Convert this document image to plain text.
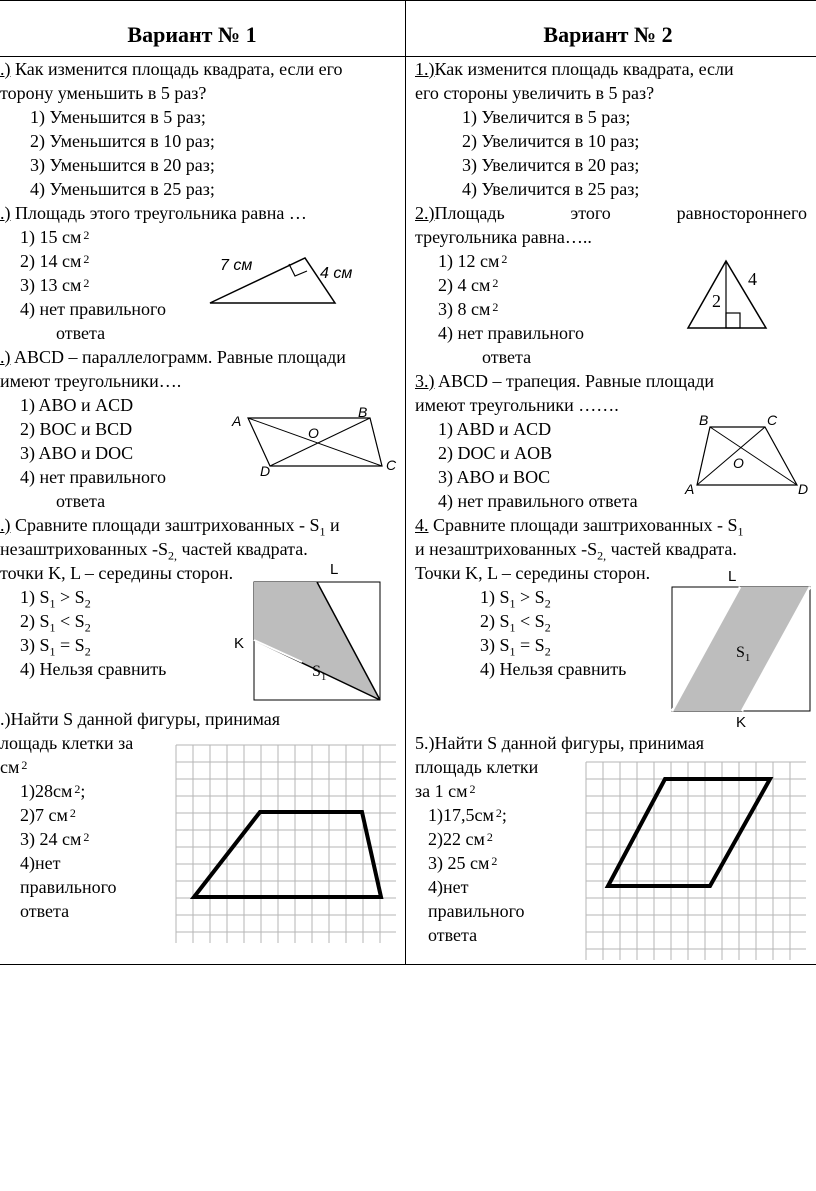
Вариант № 1	Вариант № 2
.) Как изменится площадь квадрата, если его
торону уменьшить в 5 раз?
1) Уменьшится в 5 раз;
2) Уменьшится в 10 раз;
3) Уменьшится в 20 раз;
4) Уменьшится в 25 раз;
.) Площадь этого треугольника равна …
1) 15 см $^2$
2) 14 см $^2$
3) 13 см $^2$
4) нет правильного
ответа
7 см	4 см
.) ABCD – параллелограмм. Равные площади
имеют треугольники….
1) ABO и ACD
2) BOC и BCD
3) ABO и DOC
4) нет правильного
ответа
A
B
C
D
O
.) Сравните площади заштрихованных - $S_1$ и
незаштрихованных $-S_{2,}$ частей квадрата.
точки K, L – середины сторон.
1) $S_1 > S_2$
2) $S_1 < S_2$
3) $S_1 = S_2$
4) Нельзя сравнить
K
L
$S_1$
.)Найти S данной фигуры, принимая
лощадь клетки за
см $^2$
1)28см $^2$;
2)7 см $^2$
3) 24 см $^2$
4)нет
правильного
ответа
1.)Как изменится площадь квадрата, если
его стороны увеличить в 5 раз?
1) Увеличится в 5 раз;
2) Увеличится в 10 раз;
3) Увеличится в 20 раз;
4) Увеличится в 25 раз;
2.)Площадь	этого	равностороннего
треугольника равна…..
1) 12 см $^2$
2) 4 см $^2$
3) 8 см $^2$
4) нет правильного
ответа
4
2
3.) ABCD – трапеция. Равные площади
имеют треугольники …….
1) ABD и ACD
2) DOC и AOB
3) ABO и BOC
4) нет правильного ответа
B	C
A	D
O
4. Сравните площади заштрихованных - $S_1$
и незаштрихованных $-S_{2,}$ частей квадрата.
Точки K, L – середины сторон.
1) $S_1 > S_2$
2) $S_1 < S_2$
3) $S_1 = S_2$
4) Нельзя сравнить
L
K
$S_1$
5.)Найти S данной фигуры, принимая
площадь клетки
за 1 см $^2$
1)17,5см $^2$;
2)22 см $^2$
3) 25 см $^2$
4)нет
правильного
ответа
